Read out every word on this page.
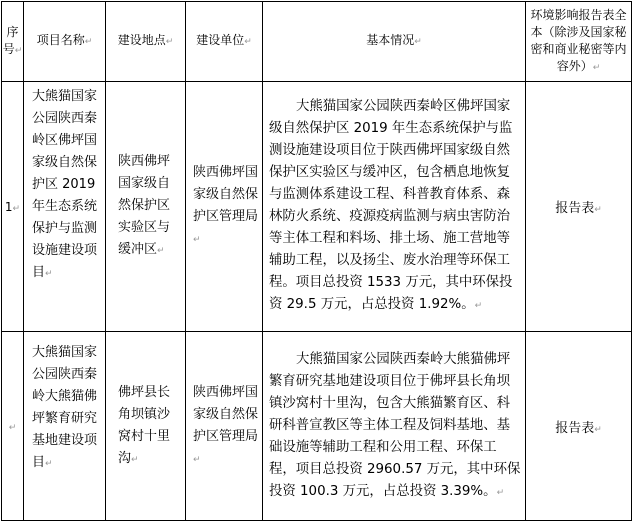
序号↵	项目名称↵	建设地点↵	建设单位↵	基本情况↵	环境影响报告表全本（除涉及国家秘密和商业秘密等内容外）↵
1↵	大熊猫国家公园陕西秦岭区佛坪国家级自然保护区 2019 年生态系统保护与监测设施建设项目↵	陕西佛坪国家级自然保护区实验区与缓冲区↵	陕西佛坪国家级自然保护区管理局↵	大熊猫国家公园陕西秦岭区佛坪国家级自然保护区 2019 年生态系统保护与监测设施建设项目位于陕西佛坪国家级自然保护区实验区与缓冲区，包含栖息地恢复与监测体系建设工程、科普教育体系、森林防火系统、疫源疫病监测与病虫害防治等主体工程和料场、排土场、施工营地等辅助工程，以及扬尘、废水治理等环保工程。项目总投资 1533 万元，其中环保投资 29.5 万元，占总投资 1.92%。↵	报告表↵
↵	大熊猫国家公园陕西秦岭大熊猫佛坪繁育研究基地建设项目↵	佛坪县长角坝镇沙窝村十里沟↵	陕西佛坪国家级自然保护区管理局↵	大熊猫国家公园陕西秦岭大熊猫佛坪繁育研究基地建设项目位于佛坪县长角坝镇沙窝村十里沟，包含大熊猫繁育区、科研科普宣教区等主体工程及饲料基地、基础设施等辅助工程和公用工程、环保工程，项目总投资 2960.57 万元，其中环保投资 100.3 万元，占总投资 3.39%。↵	报告表↵
